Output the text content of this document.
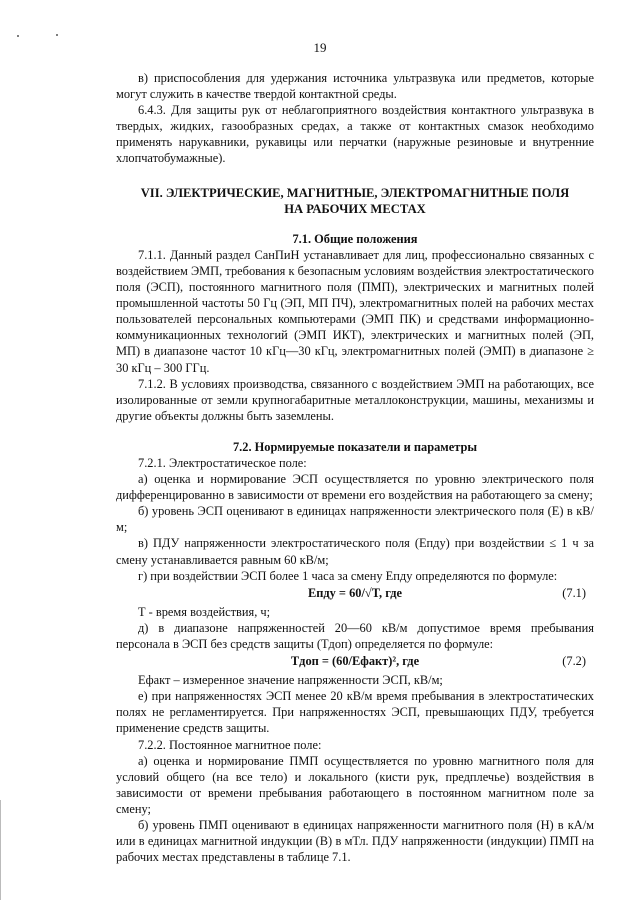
19

в) приспособления для удержания источника ультразвука или предметов, которые могут служить в качестве твердой контактной среды.

6.4.3. Для защиты рук от неблагоприятного воздействия контактного ультразвука в твердых, жидких, газообразных средах, а также от контактных смазок необходимо применять нарукавники, рукавицы или перчатки (наружные резиновые и внутренние хлопчатобумажные).

VII. ЭЛЕКТРИЧЕСКИЕ, МАГНИТНЫЕ, ЭЛЕКТРОМАГНИТНЫЕ ПОЛЯ
НА РАБОЧИХ МЕСТАХ

7.1. Общие положения

7.1.1. Данный раздел СанПиН устанавливает для лиц, профессионально связанных с воздействием ЭМП, требования к безопасным условиям воздействия электростатического поля (ЭСП), постоянного магнитного поля (ПМП), электрических и магнитных полей промышленной частоты 50 Гц (ЭП, МП ПЧ), электромагнитных полей на рабочих местах пользователей персональных компьютерами (ЭМП ПК) и средствами информационно-коммуникационных технологий (ЭМП ИКТ), электрических и магнитных полей (ЭП, МП) в диапазоне частот 10 кГц—30 кГц, электромагнитных полей (ЭМП) в диапазоне ≥ 30 кГц – 300 ГГц.

7.1.2. В условиях производства, связанного с воздействием ЭМП на работающих, все изолированные от земли крупногабаритные металлоконструкции, машины, механизмы и другие объекты должны быть заземлены.

7.2. Нормируемые показатели и параметры

7.2.1. Электростатическое поле:

а) оценка и нормирование ЭСП осуществляется по уровню электрического поля дифференцированно в зависимости от времени его воздействия на работающего за смену;

б) уровень ЭСП оценивают в единицах напряженности электрического поля (Е) в кВ/м;

в) ПДУ напряженности электростатического поля (Eпду) при воздействии ≤ 1 ч за смену устанавливается равным 60 кВ/м;

г) при воздействии ЭСП более 1 часа за смену Eпду определяются по формуле:

Eпду = 60/√T, где	(7.1)

Т - время воздействия, ч;

д) в диапазоне напряженностей 20—60 кВ/м допустимое время пребывания персонала в ЭСП без средств защиты (Тдоп) определяется по формуле:

Тдоп = (60/Eфакт)², где	(7.2)

Eфакт – измеренное значение напряженности ЭСП, кВ/м;

е) при напряженностях ЭСП менее 20 кВ/м время пребывания в электростатических полях не регламентируется. При напряженностях ЭСП, превышающих ПДУ, требуется применение средств защиты.

7.2.2. Постоянное магнитное поле:

а) оценка и нормирование ПМП осуществляется по уровню магнитного поля для условий общего (на все тело) и локального (кисти рук, предплечье) воздействия в зависимости от времени пребывания работающего в постоянном магнитном поле за смену;

б) уровень ПМП оценивают в единицах напряженности магнитного поля (Н) в кА/м или в единицах магнитной индукции (В) в мТл. ПДУ напряженности (индукции) ПМП на рабочих местах представлены в таблице 7.1.
